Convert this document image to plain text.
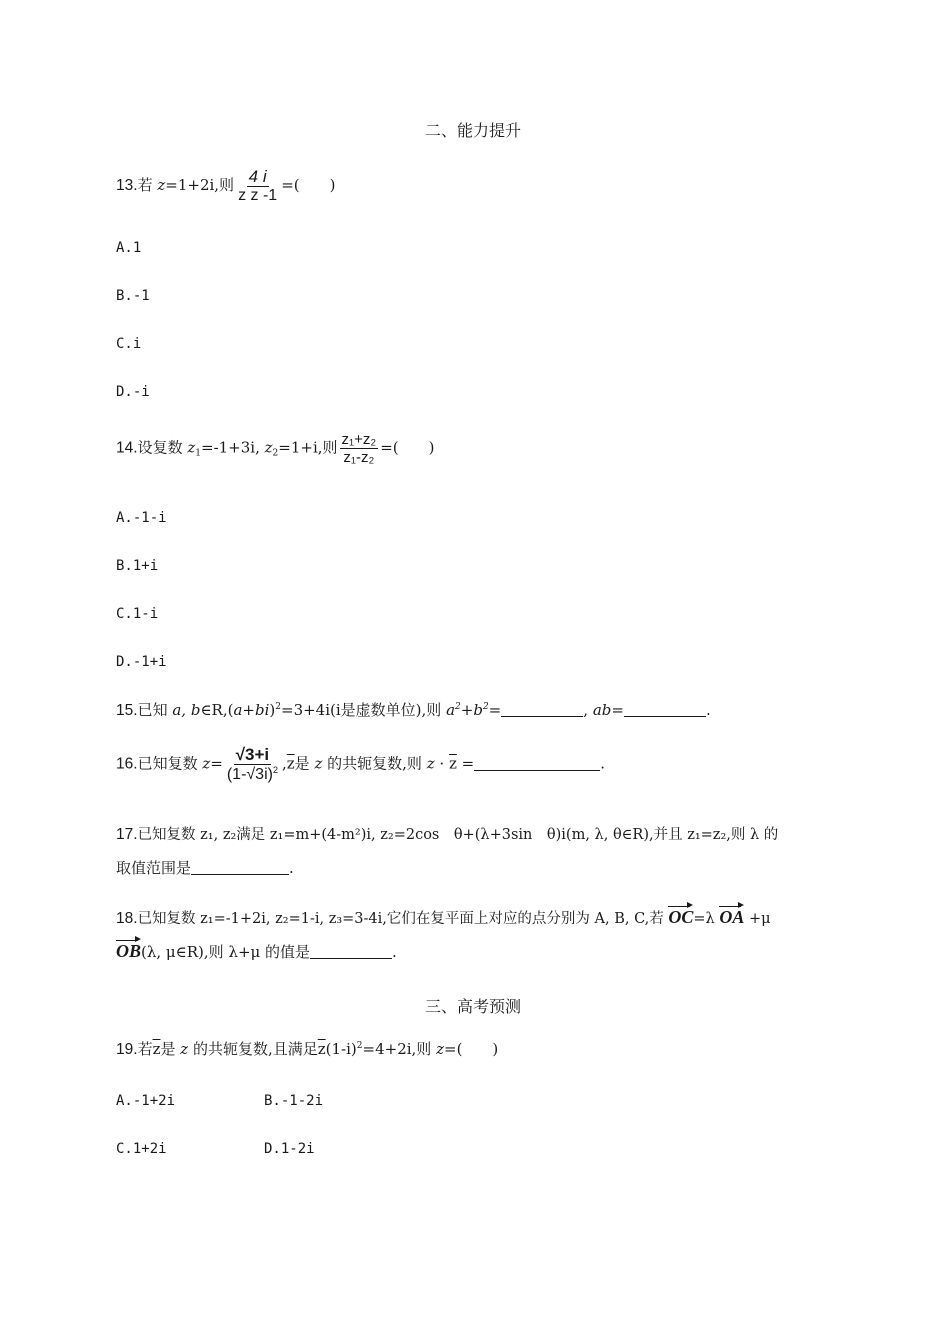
二、能力提升
13.若 z=1+2i,则 $\frac{4 i}{z \overline{z} -1}$ =(　　)
A.1
B.-1
C.i
D.-i
14.设复数 $z_1=-1+3i$, $z_2=1+i$,则 $\frac{\text{z₁+z₂}}{\text{z₁-z₂}}$ =(　　)
A.-1-i
B.1+i
C.1-i
D.-1+i
15.已知 a, $b\in R,(a+bi)^2=3+4i(i$是虚数单位),则 $a^2+b^2=$	, ab=	.
16.已知复数 $z= \frac{√3+i}{(1-√3i)^2} ,\overline{z}$是 z 的共轭复数,则 $z \cdot \overline{z}$ =	.
17.已知复数 z₁, z₂满足 z₁=m+(4-m²)i, z₂=2cos　θ+(λ+3sin　θ)i(m, λ, θ∈R),并且 z₁=z₂,则 λ 的
取值范围是	.
18.已知复数 z₁=-1+2i, z₂=1-i, z₃=3-4i,它们在复平面上对应的点分别为 A, B, C,若 OC=λ OA +μ
OB(λ, μ∈R),则 λ+μ 的值是	.
三、高考预测
19.若$\overline{z}$是 z 的共轭复数,且满足$\overline{z}(1-i)^2=4+2i$,则 z=(　　)
A.-1+2i	B.-1-2i
C.1+2i	D.1-2i
